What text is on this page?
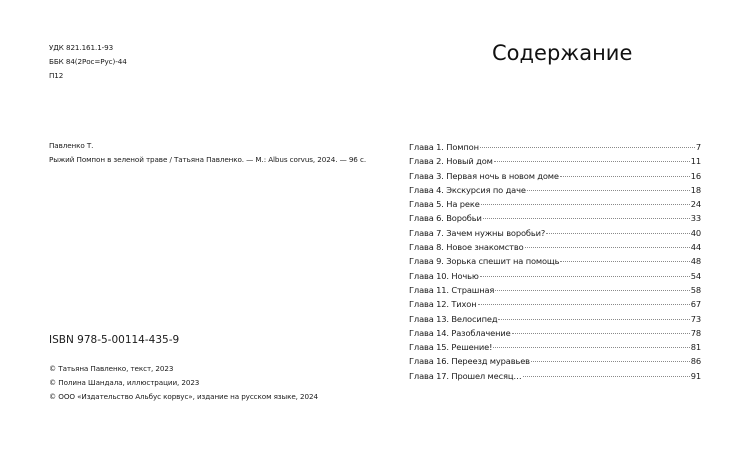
УДК 821.161.1-93
ББК 84(2Рос=Рус)-44
П12
Павленко Т.
Рыжий Помпон в зеленой траве / Татьяна Павленко. — М.: Albus corvus, 2024. — 96 с.
ISBN 978-5-00114-435-9
© Татьяна Павленко, текст, 2023
© Полина Шандала, иллюстрации, 2023
© ООО «Издательство Альбус корвус», издание на русском языке, 2024
Содержание
Глава 1. Помпон	7
Глава 2. Новый дом	11
Глава 3. Первая ночь в новом доме	16
Глава 4. Экскурсия по даче	18
Глава 5. На реке	24
Глава 6. Воробьи	33
Глава 7. Зачем нужны воробьи?	40
Глава 8. Новое знакомство	44
Глава 9. Зорька спешит на помощь	48
Глава 10. Ночью	54
Глава 11. Страшная	58
Глава 12. Тихон	67
Глава 13. Велосипед	73
Глава 14. Разоблачение	78
Глава 15. Решение!	81
Глава 16. Переезд муравьев	86
Глава 17. Прошел месяц…	91
